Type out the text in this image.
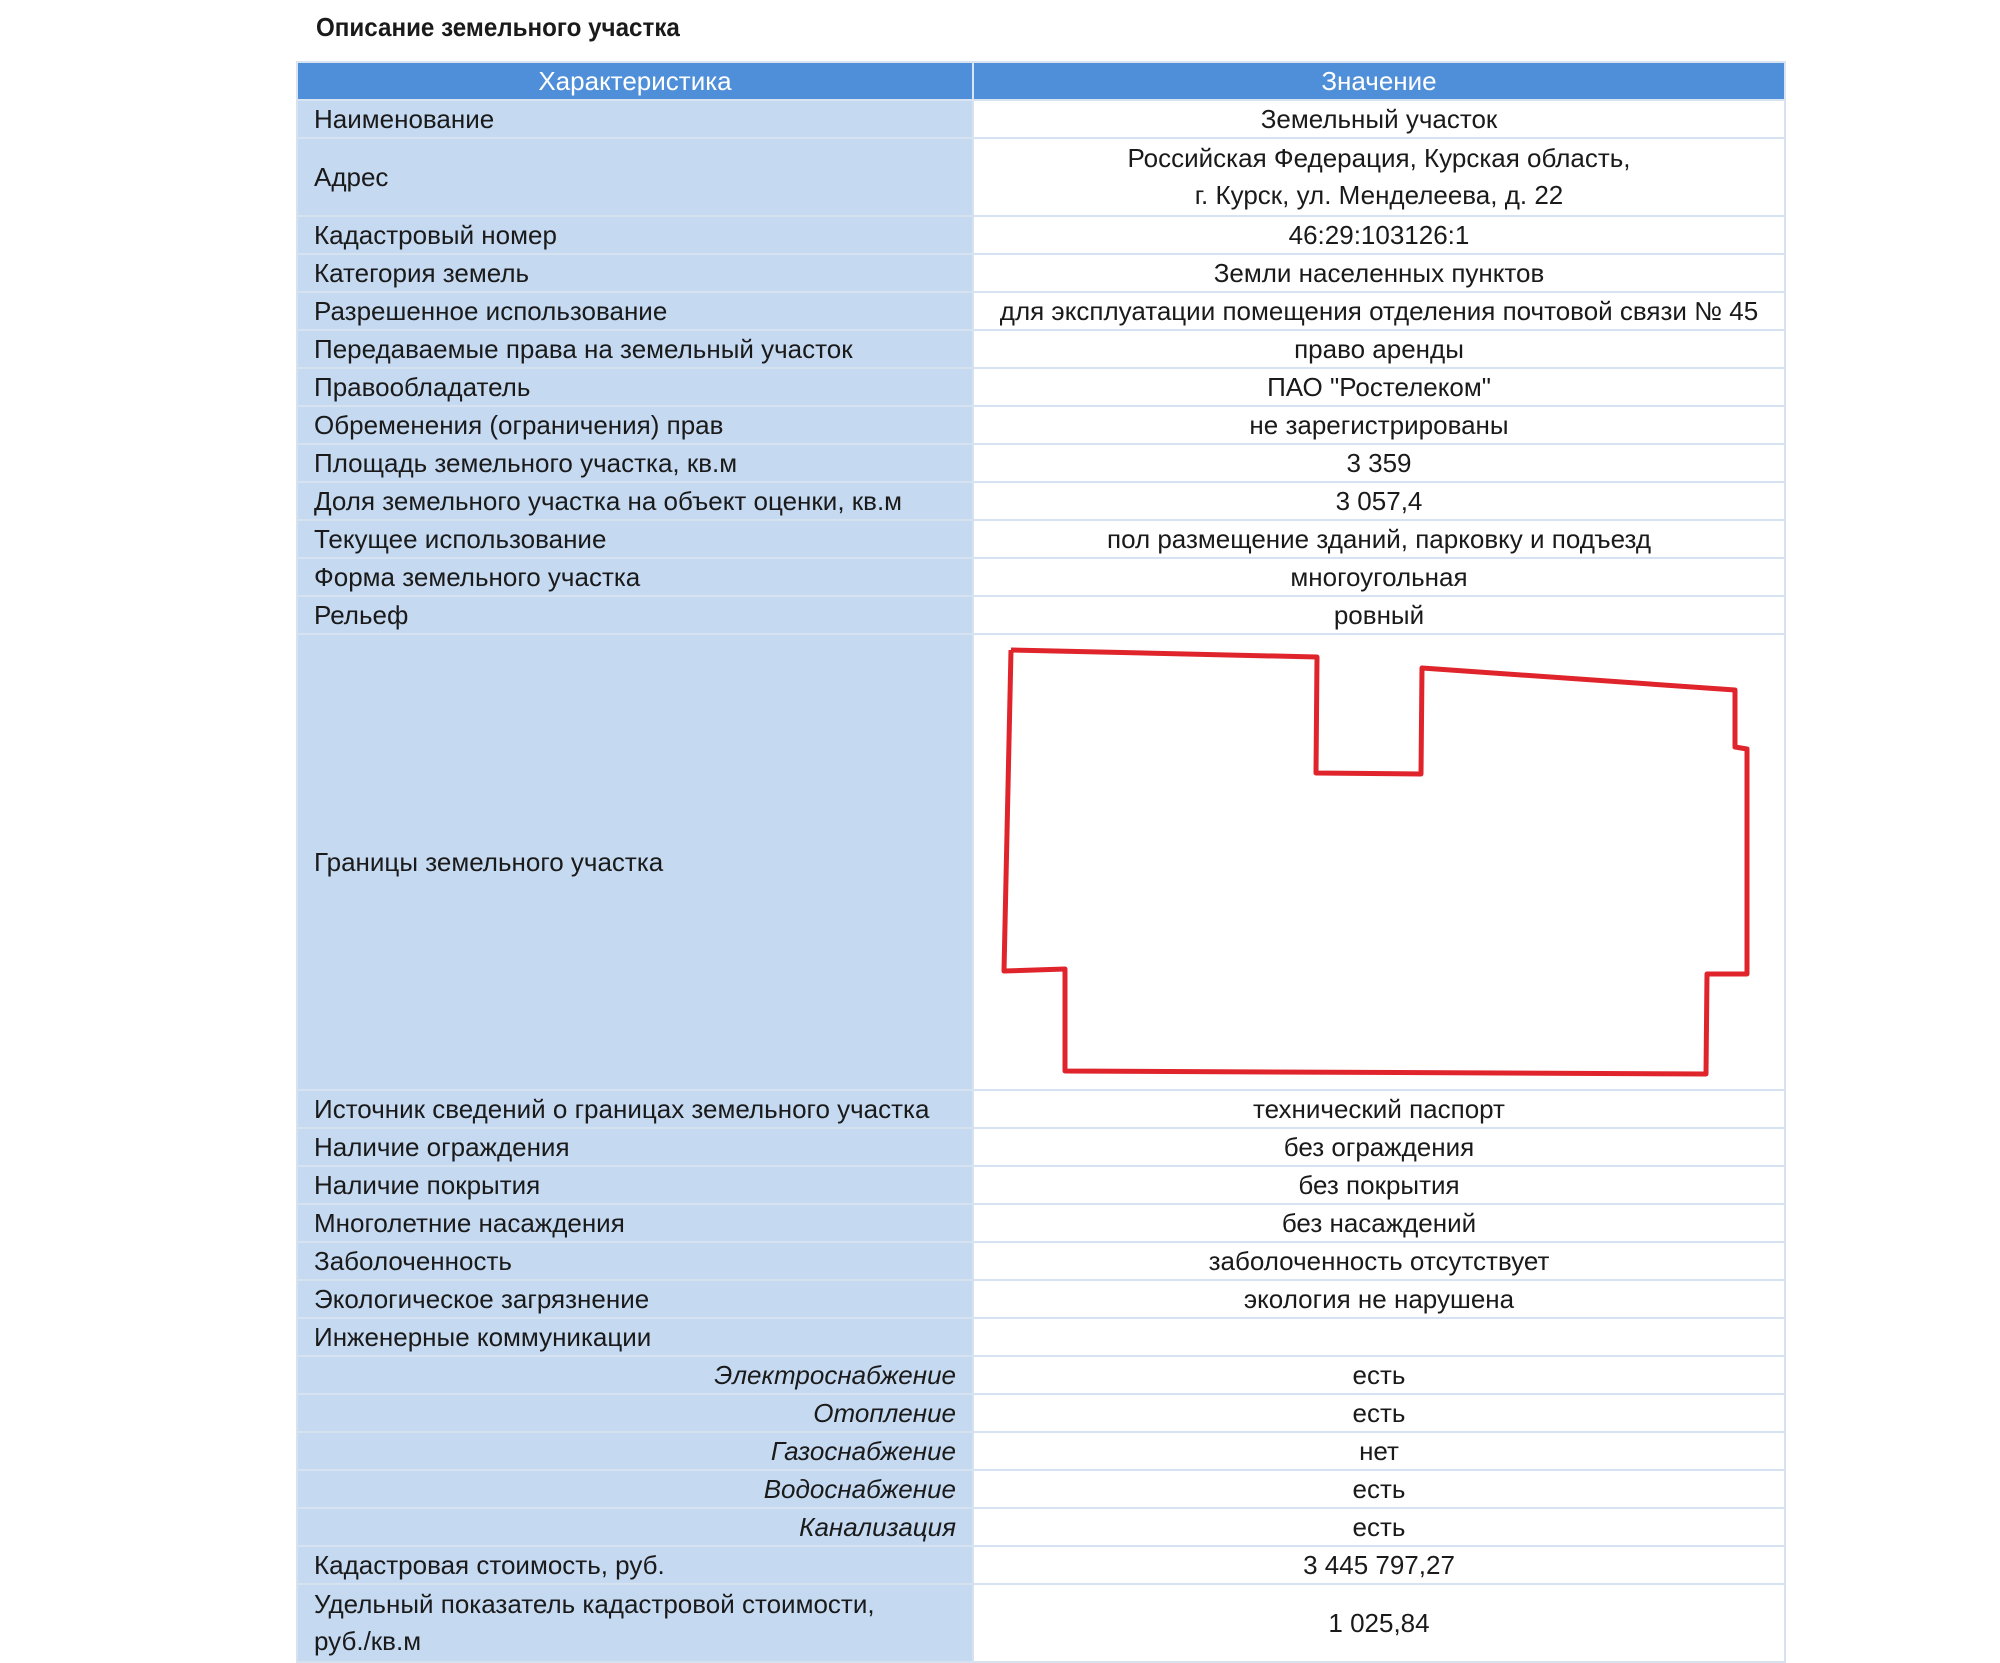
Описание земельного участка
Характеристика	Значение
Наименование	Земельный участок
Адрес	Российская Федерация, Курская область,
г. Курск, ул. Менделеева, д. 22

Кадастровый номер	46:29:103126:1
Категория земель	Земли населенных пунктов
Разрешенное использование	для эксплуатации помещения отделения почтовой связи № 45
Передаваемые права на земельный участок	право аренды
Правообладатель	ПАО "Ростелеком"
Обременения (ограничения) прав	не зарегистрированы
Площадь земельного участка, кв.м	3 359
Доля земельного участка на объект оценки, кв.м	3 057,4
Текущее использование	пол размещение зданий, парковку и подъезд
Форма земельного участка	многоугольная
Рельеф	ровный
Границы земельного участка	

Источник сведений о границах земельного участка	технический паспорт
Наличие ограждения	без ограждения
Наличие покрытия	без покрытия
Многолетние насаждения	без насаждений
Заболоченность	заболоченность отсутствует
Экологическое загрязнение	экология не нарушена
Инженерные коммуникации	
Электроснабжение	есть
Отопление	есть
Газоснабжение	нет
Водоснабжение	есть
Канализация	есть
Кадастровая стоимость, руб.	3 445 797,27

Удельный показатель кадастровой стоимости,
руб./кв.м	1 025,84
